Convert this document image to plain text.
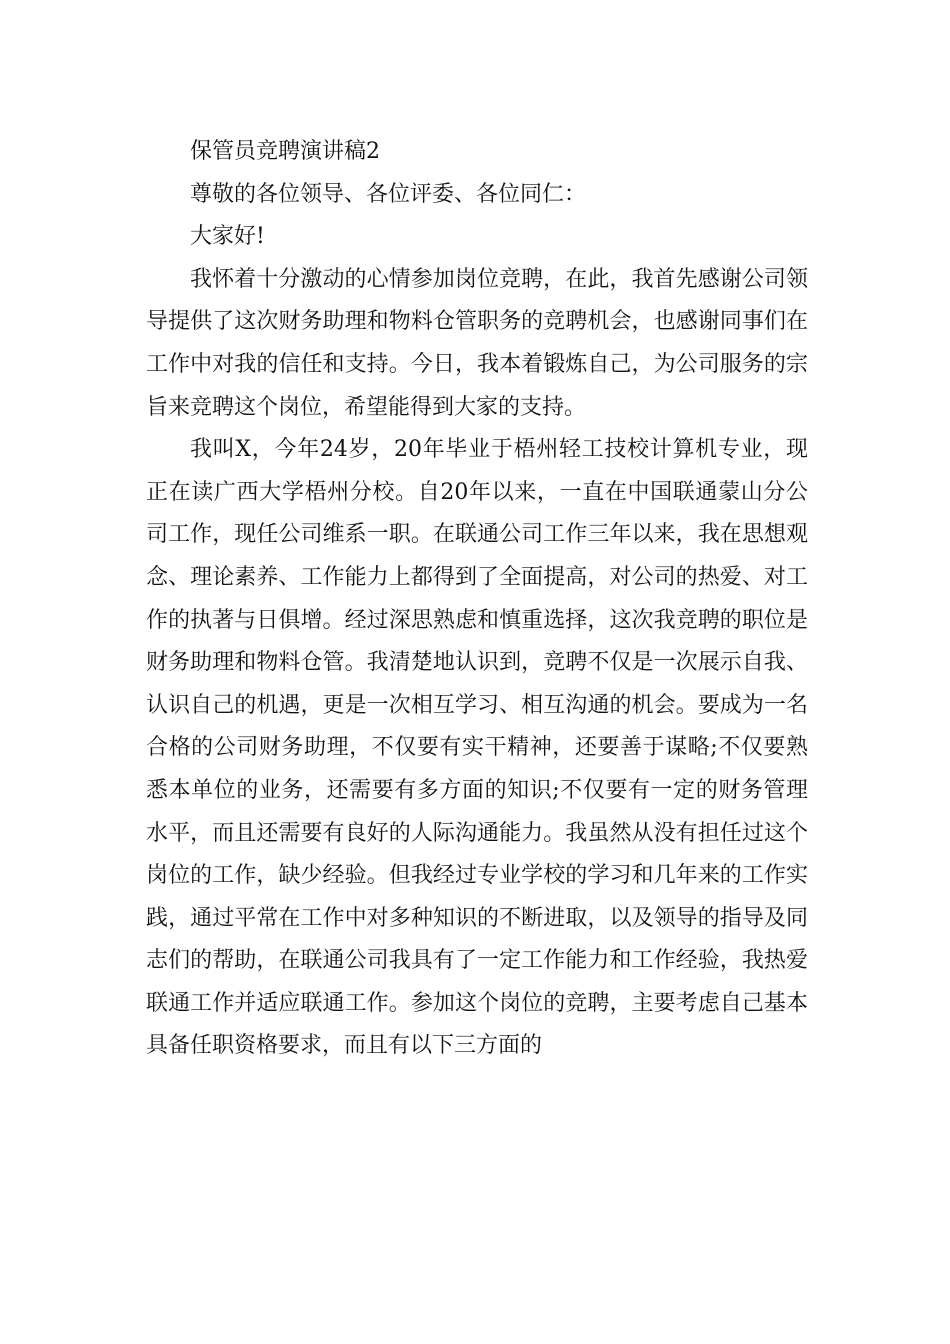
保管员竞聘演讲稿2

尊敬的各位领导、各位评委、各位同仁：

大家好!

我怀着十分激动的心情参加岗位竞聘，在此，我首先感谢公司领导提供了这次财务助理和物料仓管职务的竞聘机会，也感谢同事们在工作中对我的信任和支持。今日，我本着锻炼自己，为公司服务的宗旨来竞聘这个岗位，希望能得到大家的支持。

我叫X，今年24岁，20年毕业于梧州轻工技校计算机专业，现正在读广西大学梧州分校。自20年以来，一直在中国联通蒙山分公司工作，现任公司维系一职。在联通公司工作三年以来，我在思想观念、理论素养、工作能力上都得到了全面提高，对公司的热爱、对工作的执著与日俱增。经过深思熟虑和慎重选择，这次我竞聘的职位是财务助理和物料仓管。我清楚地认识到，竞聘不仅是一次展示自我、认识自己的机遇，更是一次相互学习、相互沟通的机会。要成为一名合格的公司财务助理，不仅要有实干精神，还要善于谋略;不仅要熟悉本单位的业务，还需要有多方面的知识;不仅要有一定的财务管理水平，而且还需要有良好的人际沟通能力。我虽然从没有担任过这个岗位的工作，缺少经验。但我经过专业学校的学习和几年来的工作实践，通过平常在工作中对多种知识的不断进取，以及领导的指导及同志们的帮助，在联通公司我具有了一定工作能力和工作经验，我热爱联通工作并适应联通工作。参加这个岗位的竞聘，主要考虑自己基本具备任职资格要求，而且有以下三方面的
